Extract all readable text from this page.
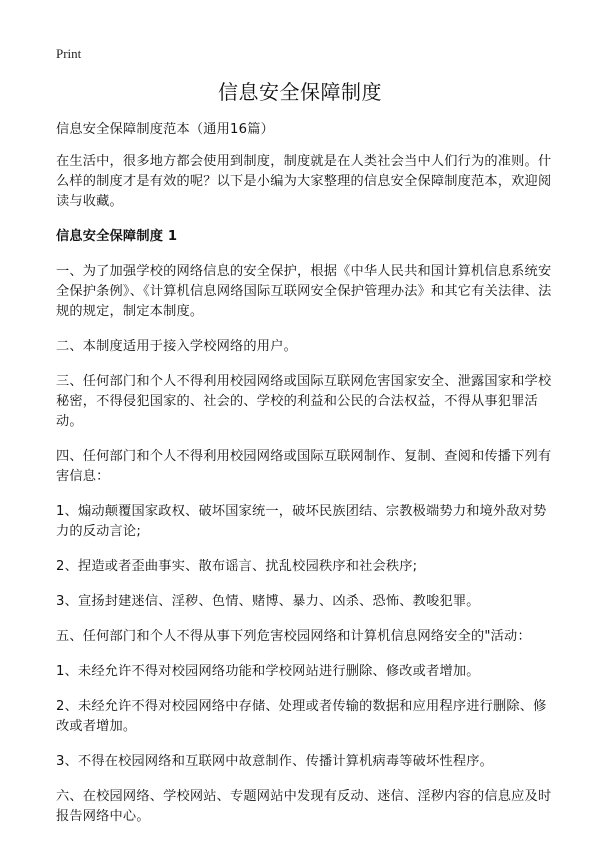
Print

信息安全保障制度

信息安全保障制度范本（通用16篇）

在生活中，很多地方都会使用到制度，制度就是在人类社会当中人们行为的准则。什么样的制度才是有效的呢？以下是小编为大家整理的信息安全保障制度范本，欢迎阅读与收藏。

信息安全保障制度 1

一、为了加强学校的网络信息的安全保护，根据《中华人民共和国计算机信息系统安全保护条例》、《计算机信息网络国际互联网安全保护管理办法》和其它有关法律、法规的规定，制定本制度。

二、本制度适用于接入学校网络的用户。

三、任何部门和个人不得利用校园网络或国际互联网危害国家安全、泄露国家和学校秘密，不得侵犯国家的、社会的、学校的利益和公民的合法权益，不得从事犯罪活动。

四、任何部门和个人不得利用校园网络或国际互联网制作、复制、查阅和传播下列有害信息：

1、煽动颠覆国家政权、破坏国家统一，破坏民族团结、宗教极端势力和境外敌对势力的反动言论;

2、捏造或者歪曲事实、散布谣言、扰乱校园秩序和社会秩序;

3、宣扬封建迷信、淫秽、色情、赌博、暴力、凶杀、恐怖、教唆犯罪。

五、任何部门和个人不得从事下列危害校园网络和计算机信息网络安全的"活动：

1、未经允许不得对校园网络功能和学校网站进行删除、修改或者增加。

2、未经允许不得对校园网络中存储、处理或者传输的数据和应用程序进行删除、修改或者增加。

3、不得在校园网络和互联网中故意制作、传播计算机病毒等破坏性程序。

六、在校园网络、学校网站、专题网站中发现有反动、迷信、淫秽内容的信息应及时报告网络中心。
